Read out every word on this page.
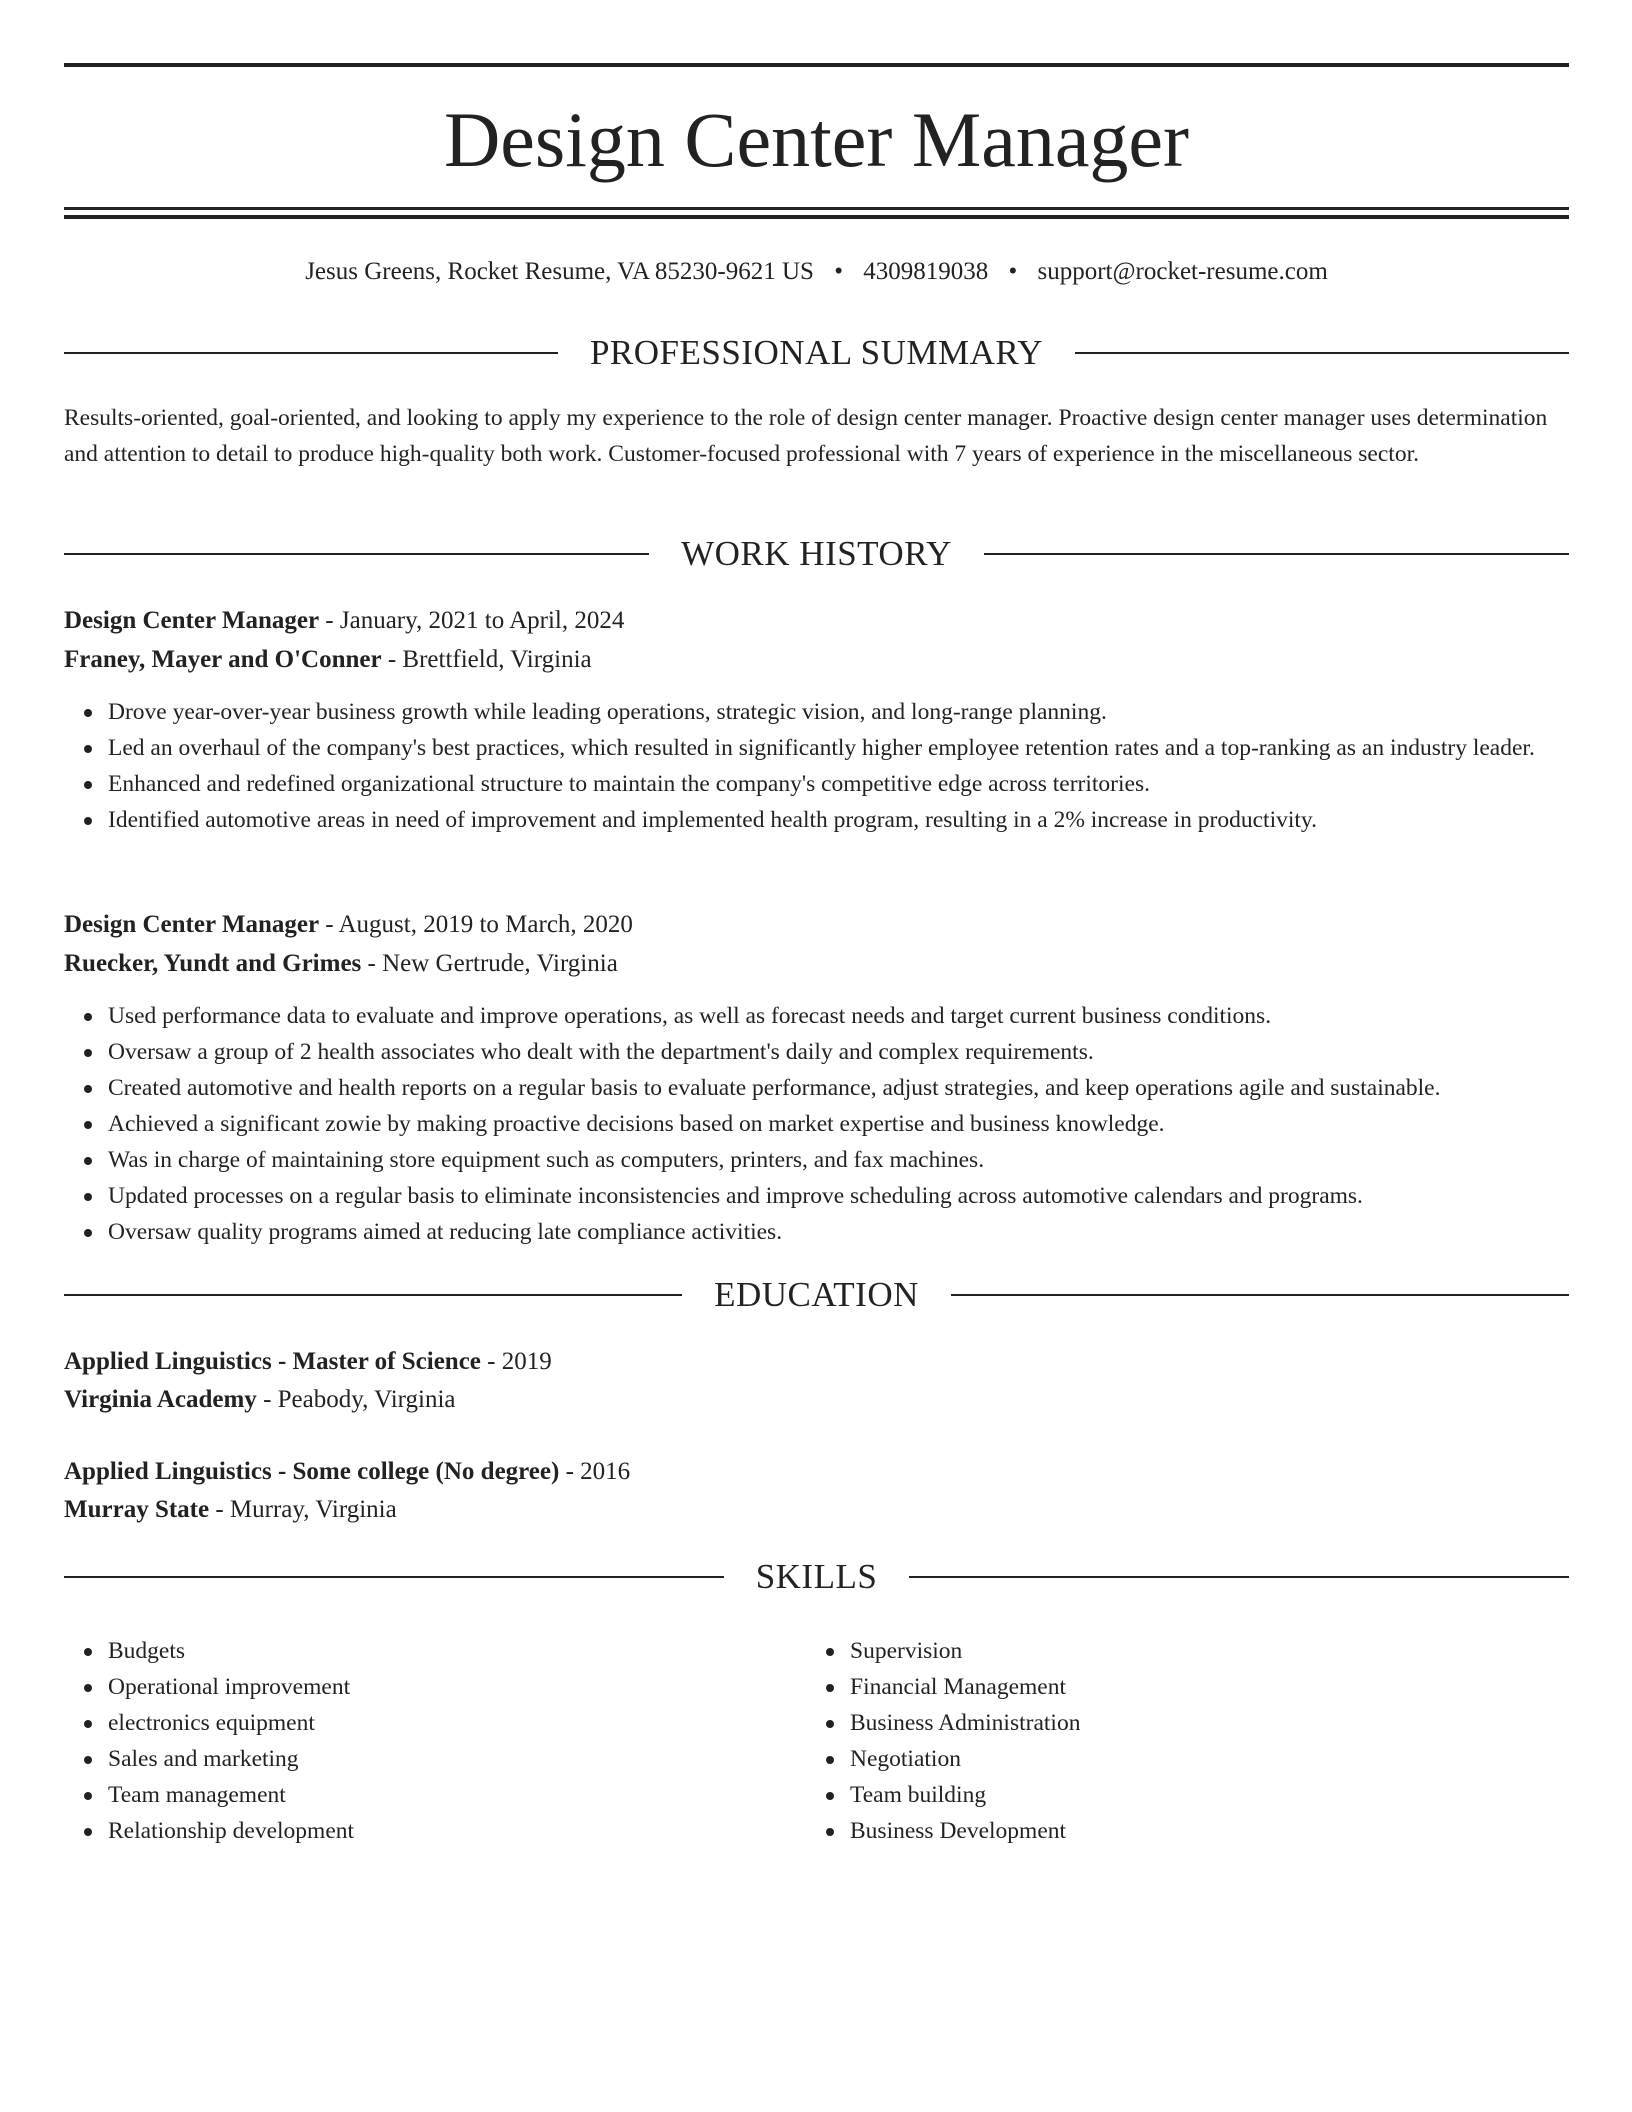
Design Center Manager
Jesus Greens, Rocket Resume, VA 85230-9621 US • 4309819038 • support@rocket-resume.com
PROFESSIONAL SUMMARY

Results-oriented, goal-oriented, and looking to apply my experience to the role of design center manager. Proactive design center manager uses determination and attention to detail to produce high-quality both work. Customer-focused professional with 7 years of experience in the miscellaneous sector.

WORK HISTORY
Design Center Manager - January, 2021 to April, 2024
Franey, Mayer and O'Conner - Brettfield, Virginia
Drove year-over-year business growth while leading operations, strategic vision, and long-range planning.
Led an overhaul of the company's best practices, which resulted in significantly higher employee retention rates and a top-ranking as an industry leader.
Enhanced and redefined organizational structure to maintain the company's competitive edge across territories.
Identified automotive areas in need of improvement and implemented health program, resulting in a 2% increase in productivity.
Design Center Manager - August, 2019 to March, 2020
Ruecker, Yundt and Grimes - New Gertrude, Virginia
Used performance data to evaluate and improve operations, as well as forecast needs and target current business conditions.
Oversaw a group of 2 health associates who dealt with the department's daily and complex requirements.
Created automotive and health reports on a regular basis to evaluate performance, adjust strategies, and keep operations agile and sustainable.
Achieved a significant zowie by making proactive decisions based on market expertise and business knowledge.
Was in charge of maintaining store equipment such as computers, printers, and fax machines.
Updated processes on a regular basis to eliminate inconsistencies and improve scheduling across automotive calendars and programs.
Oversaw quality programs aimed at reducing late compliance activities.
EDUCATION
Applied Linguistics - Master of Science - 2019
Virginia Academy - Peabody, Virginia
Applied Linguistics - Some college (No degree) - 2016
Murray State - Murray, Virginia
SKILLS
Budgets
Operational improvement
electronics equipment
Sales and marketing
Team management
Relationship development
Supervision
Financial Management
Business Administration
Negotiation
Team building
Business Development
